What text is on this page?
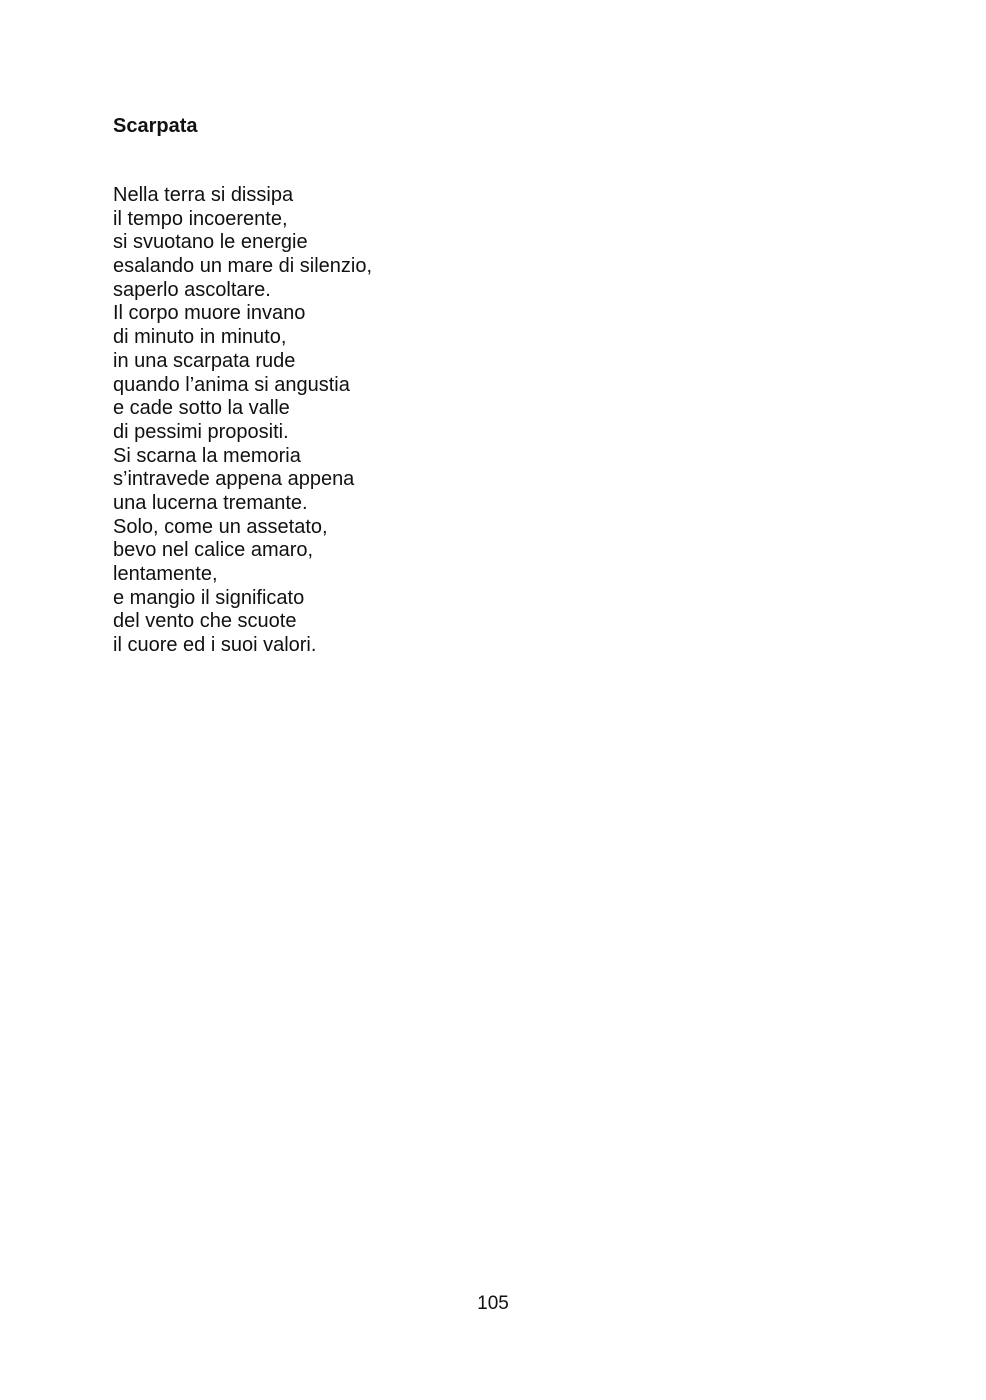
Scarpata
Nella terra si dissipa
il tempo incoerente,
si svuotano le energie
esalando un mare di silenzio,
saperlo ascoltare.
Il corpo muore invano
di minuto in minuto,
in una scarpata rude
quando l’anima si angustia
e cade sotto la valle
di pessimi propositi.
Si scarna la memoria
s’intravede appena appena
una lucerna tremante.
Solo, come un assetato,
bevo nel calice amaro,
lentamente,
e mangio il significato
del vento che scuote
il cuore ed i suoi valori.
105
